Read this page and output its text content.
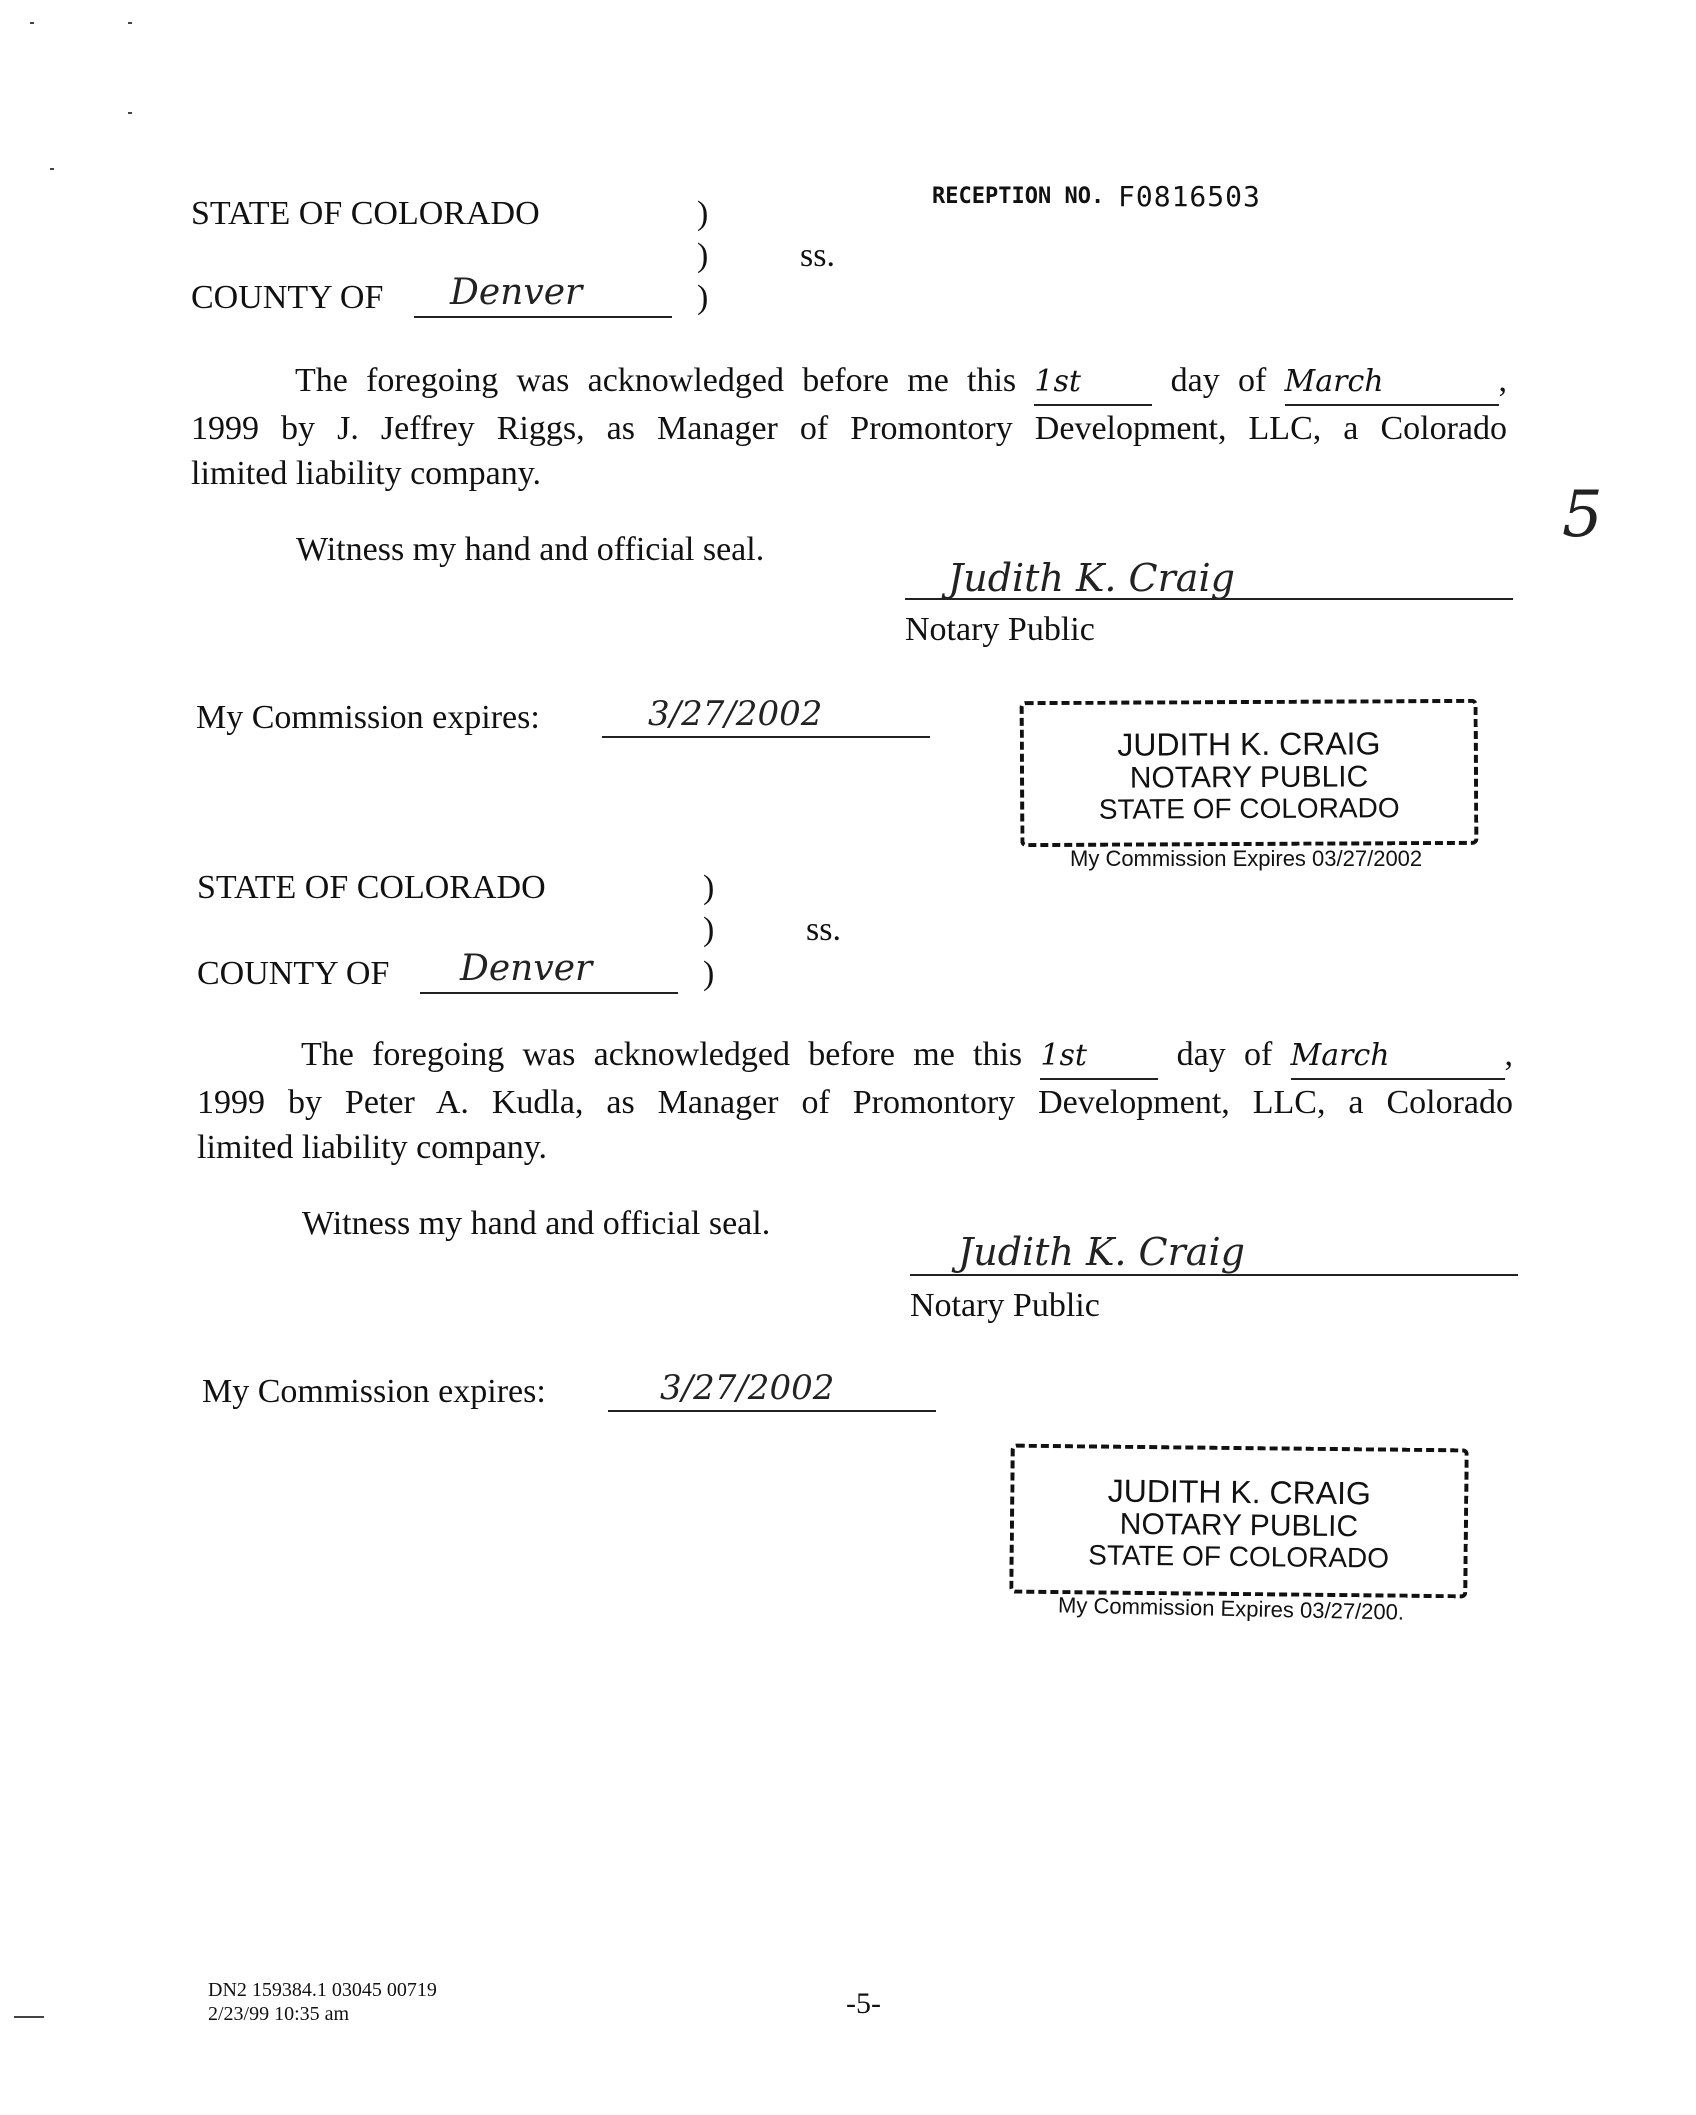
RECEPTION NO. F0816503
5
STATE OF COLORADO	)
)	ss.
COUNTY OF Denver	)
The foregoing was acknowledged before me this 1st	day of March	,
1999 by J. Jeffrey Riggs, as Manager of Promontory Development, LLC, a Colorado
limited liability company.
Witness my hand and official seal.
Judith K. Craig
Notary Public
My Commission expires:	3/27/2002
JUDITH K. CRAIG
NOTARY PUBLIC
STATE OF COLORADO
My Commission Expires 03/27/2002
STATE OF COLORADO	)
)	ss.
COUNTY OF Denver	)
The foregoing was acknowledged before me this 1st	day of March	,
1999 by Peter A. Kudla, as Manager of Promontory Development, LLC, a Colorado
limited liability company.
Witness my hand and official seal.
Judith K. Craig
Notary Public
My Commission expires:	3/27/2002
JUDITH K. CRAIG
NOTARY PUBLIC
STATE OF COLORADO
My Commission Expires 03/27/200.
DN2 159384.1 03045 00719
2/23/99 10:35 am	-5-
